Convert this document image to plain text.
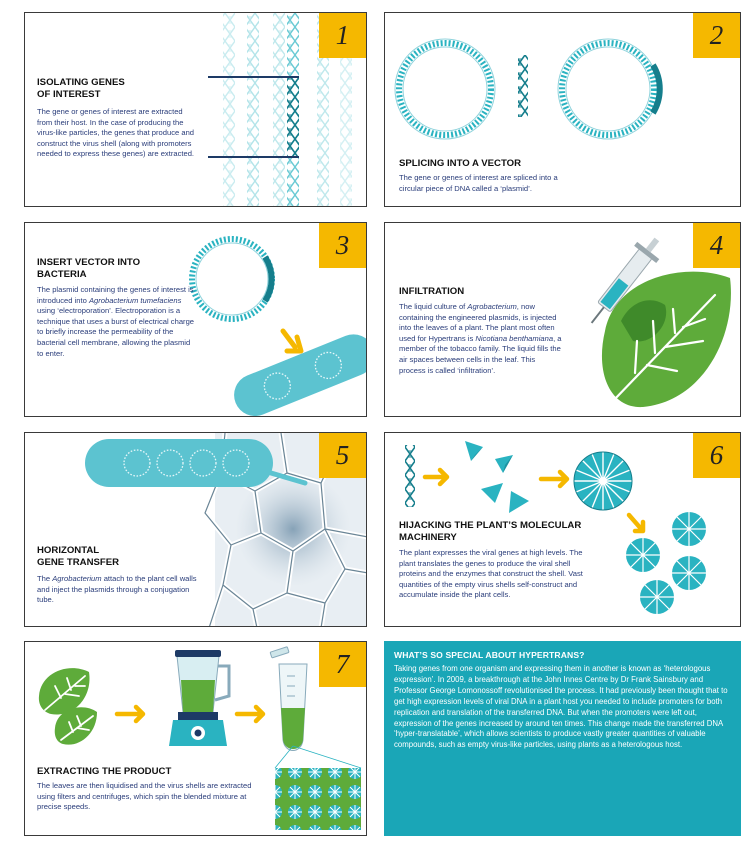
1
ISOLATING GENES
OF INTEREST
The gene or genes of interest are extracted from their host. In the case of producing the virus-like particles, the genes that produce and construct the virus shell (along with promoters needed to express these genes) are extracted.
2
SPLICING INTO A VECTOR
The gene or genes of interest are spliced into a circular piece of DNA called a ‘plasmid’.
3
INSERT VECTOR INTO
BACTERIA
The plasmid containing the genes of interest is introduced into Agrobacterium tumefaciens using ‘electroporation’. Electroporation is a technique that uses a burst of electrical charge to briefly increase the permeability of the bacterial cell membrane, allowing the plasmid to enter.
4
INFILTRATION
The liquid culture of Agrobacterium, now containing the engineered plasmids, is injected into the leaves of a plant. The plant most often used for Hypertrans is Nicotiana benthamiana, a member of the tobacco family. The liquid fills the air spaces between cells in the leaf. This process is called ‘infiltration’.
5
HORIZONTAL
GENE TRANSFER
The Agrobacterium attach to the plant cell walls and inject the plasmids through a conjugation tube.
6
HIJACKING THE PLANT’S MOLECULAR
MACHINERY
The plant expresses the viral genes at high levels. The plant translates the genes to produce the viral shell proteins and the enzymes that construct the shell. Vast quantities of the empty virus shells self-construct and accumulate inside the plant cells.
7
EXTRACTING THE PRODUCT
The leaves are then liquidised and the virus shells are extracted using filters and centrifuges, which spin the blended mixture at precise speeds.
WHAT’S SO SPECIAL ABOUT HYPERTRANS?
Taking genes from one organism and expressing them in another is known as ‘heterologous expression’. In 2009, a breakthrough at the John Innes Centre by Dr Frank Sainsbury and Professor George Lomonossoff revolutionised the process. It had previously been thought that to get high expression levels of viral DNA in a plant host you needed to include promoters for both replication and translation of the transferred DNA. But when the promoters were left out, expression of the genes increased by around ten times. This change made the transferred DNA ‘hyper-translatable’, which allows scientists to produce vastly greater quantities of valuable compounds, such as empty virus-like particles, using plants as a heterologous host.
